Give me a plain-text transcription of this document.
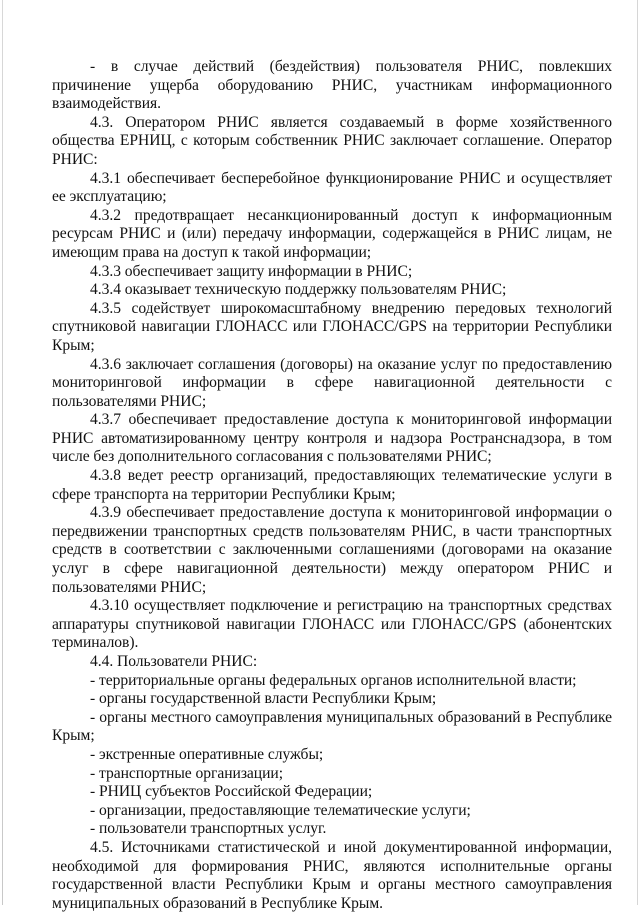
- в случае действий (бездействия) пользователя РНИС, повлекших причинение ущерба оборудованию РНИС, участникам информационного взаимодействия.

4.3. Оператором РНИС является создаваемый в форме хозяйственного общества ЕРНИЦ, с которым собственник РНИС заключает соглашение. Оператор РНИС:

4.3.1 обеспечивает бесперебойное функционирование РНИС и осуществляет ее эксплуатацию;

4.3.2 предотвращает несанкционированный доступ к информационным ресурсам РНИС и (или) передачу информации, содержащейся в РНИС лицам, не имеющим права на доступ к такой информации;

4.3.3 обеспечивает защиту информации в РНИС;

4.3.4 оказывает техническую поддержку пользователям РНИС;

4.3.5 содействует широкомасштабному внедрению передовых технологий спутниковой навигации ГЛОНАСС или ГЛОНАСС/GPS на территории Республики Крым;

4.3.6 заключает соглашения (договоры) на оказание услуг по предоставлению мониторинговой информации в сфере навигационной деятельности с пользователями РНИС;

4.3.7 обеспечивает предоставление доступа к мониторинговой информации РНИС автоматизированному центру контроля и надзора Ространснадзора, в том числе без дополнительного согласования с пользователями РНИС;

4.3.8 ведет реестр организаций, предоставляющих телематические услуги в сфере транспорта на территории Республики Крым;

4.3.9 обеспечивает предоставление доступа к мониторинговой информации о передвижении транспортных средств пользователям РНИС, в части транспортных средств в соответствии с заключенными соглашениями (договорами на оказание услуг в сфере навигационной деятельности) между оператором РНИС и пользователями РНИС;

4.3.10 осуществляет подключение и регистрацию на транспортных средствах аппаратуры спутниковой навигации ГЛОНАСС или ГЛОНАСС/GPS (абонентских терминалов).

4.4. Пользователи РНИС:

- территориальные органы федеральных органов исполнительной власти;

- органы государственной власти Республики Крым;

- органы местного самоуправления муниципальных образований в Республике Крым;

- экстренные оперативные службы;

- транспортные организации;

- РНИЦ субъектов Российской Федерации;

- организации, предоставляющие телематические услуги;

- пользователи транспортных услуг.

4.5. Источниками статистической и иной документированной информации, необходимой для формирования РНИС, являются исполнительные органы государственной власти Республики Крым и органы местного самоуправления муниципальных образований в Республике Крым.
